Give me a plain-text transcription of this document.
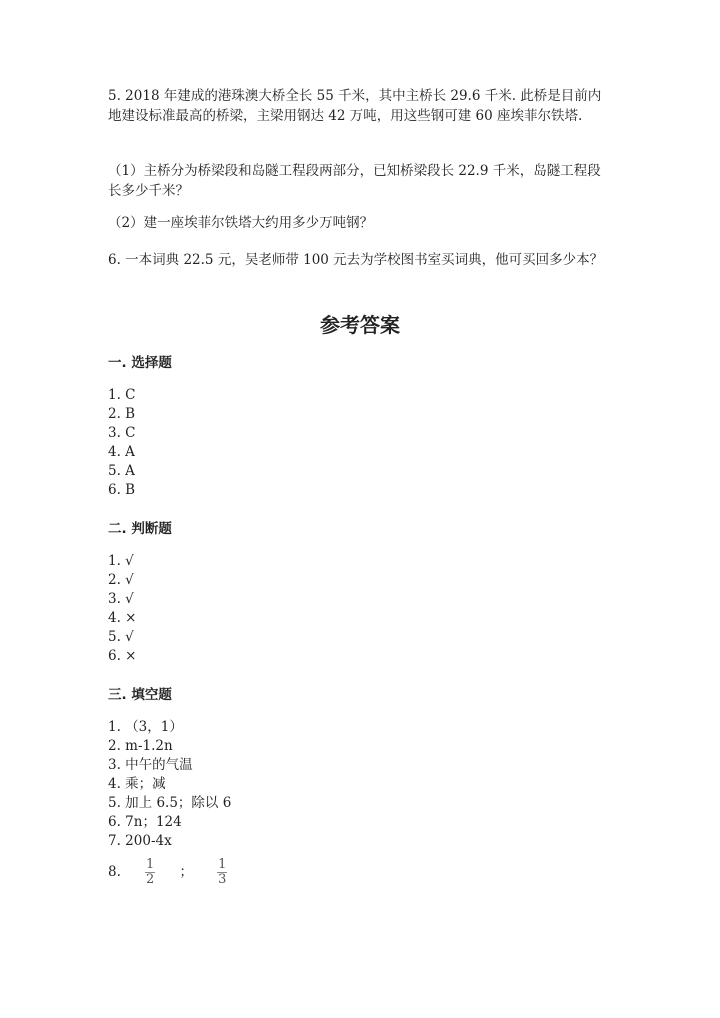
5. 2018 年建成的港珠澳大桥全长 55 千米，其中主桥长 29.6 千米. 此桥是目前内地建设标准最高的桥梁，主梁用钢达 42 万吨，用这些钢可建 60 座埃菲尔铁塔.
（1）主桥分为桥梁段和岛隧工程段两部分，已知桥梁段长 22.9 千米，岛隧工程段长多少千米？
（2）建一座埃菲尔铁塔大约用多少万吨钢？
6. 一本词典 22.5 元，吴老师带 100 元去为学校图书室买词典，他可买回多少本？
参考答案
一. 选择题
1. C
2. B
3. C
4. A
5. A
6. B
二. 判断题
1. √
2. √
3. √
4. ×
5. √
6. ×
三. 填空题
1. （3，1）
2. m-1.2n
3. 中午的气温
4. 乘；减
5. 加上 6.5；除以 6
6. 7n；124
7. 200-4x
8. $\frac{1}{2}$ ； $\frac{1}{3}$
